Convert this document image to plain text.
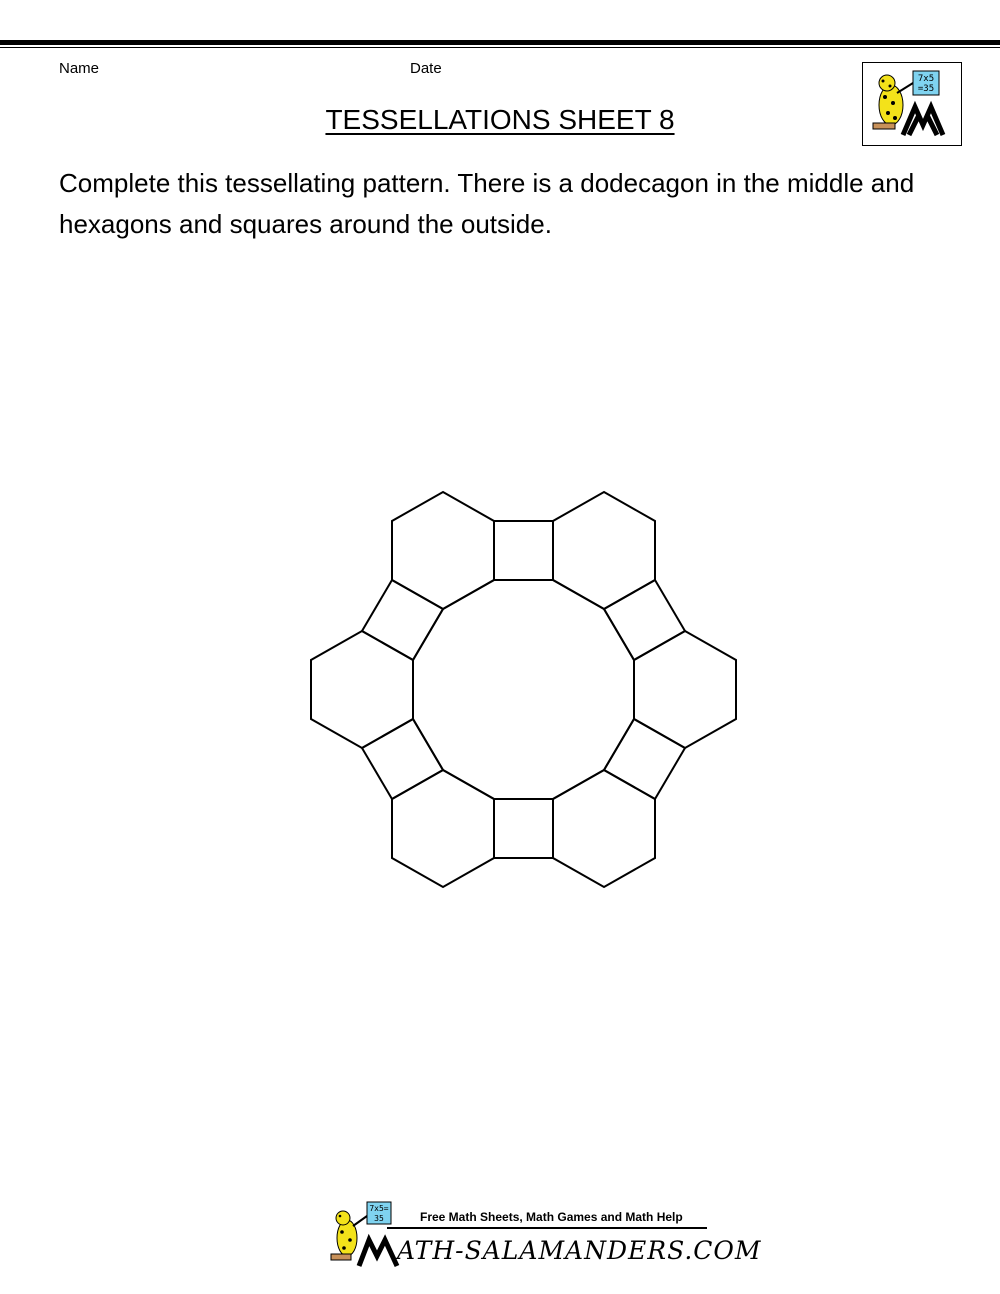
Name	Date
7x5
=35
TESSELLATIONS SHEET 8
Complete this tessellating pattern. There is a dodecagon in the middle and hexagons and squares around the outside.
7x5=
35	Free Math Sheets, Math Games and Math Help
ATH-SALAMANDERS.COM
